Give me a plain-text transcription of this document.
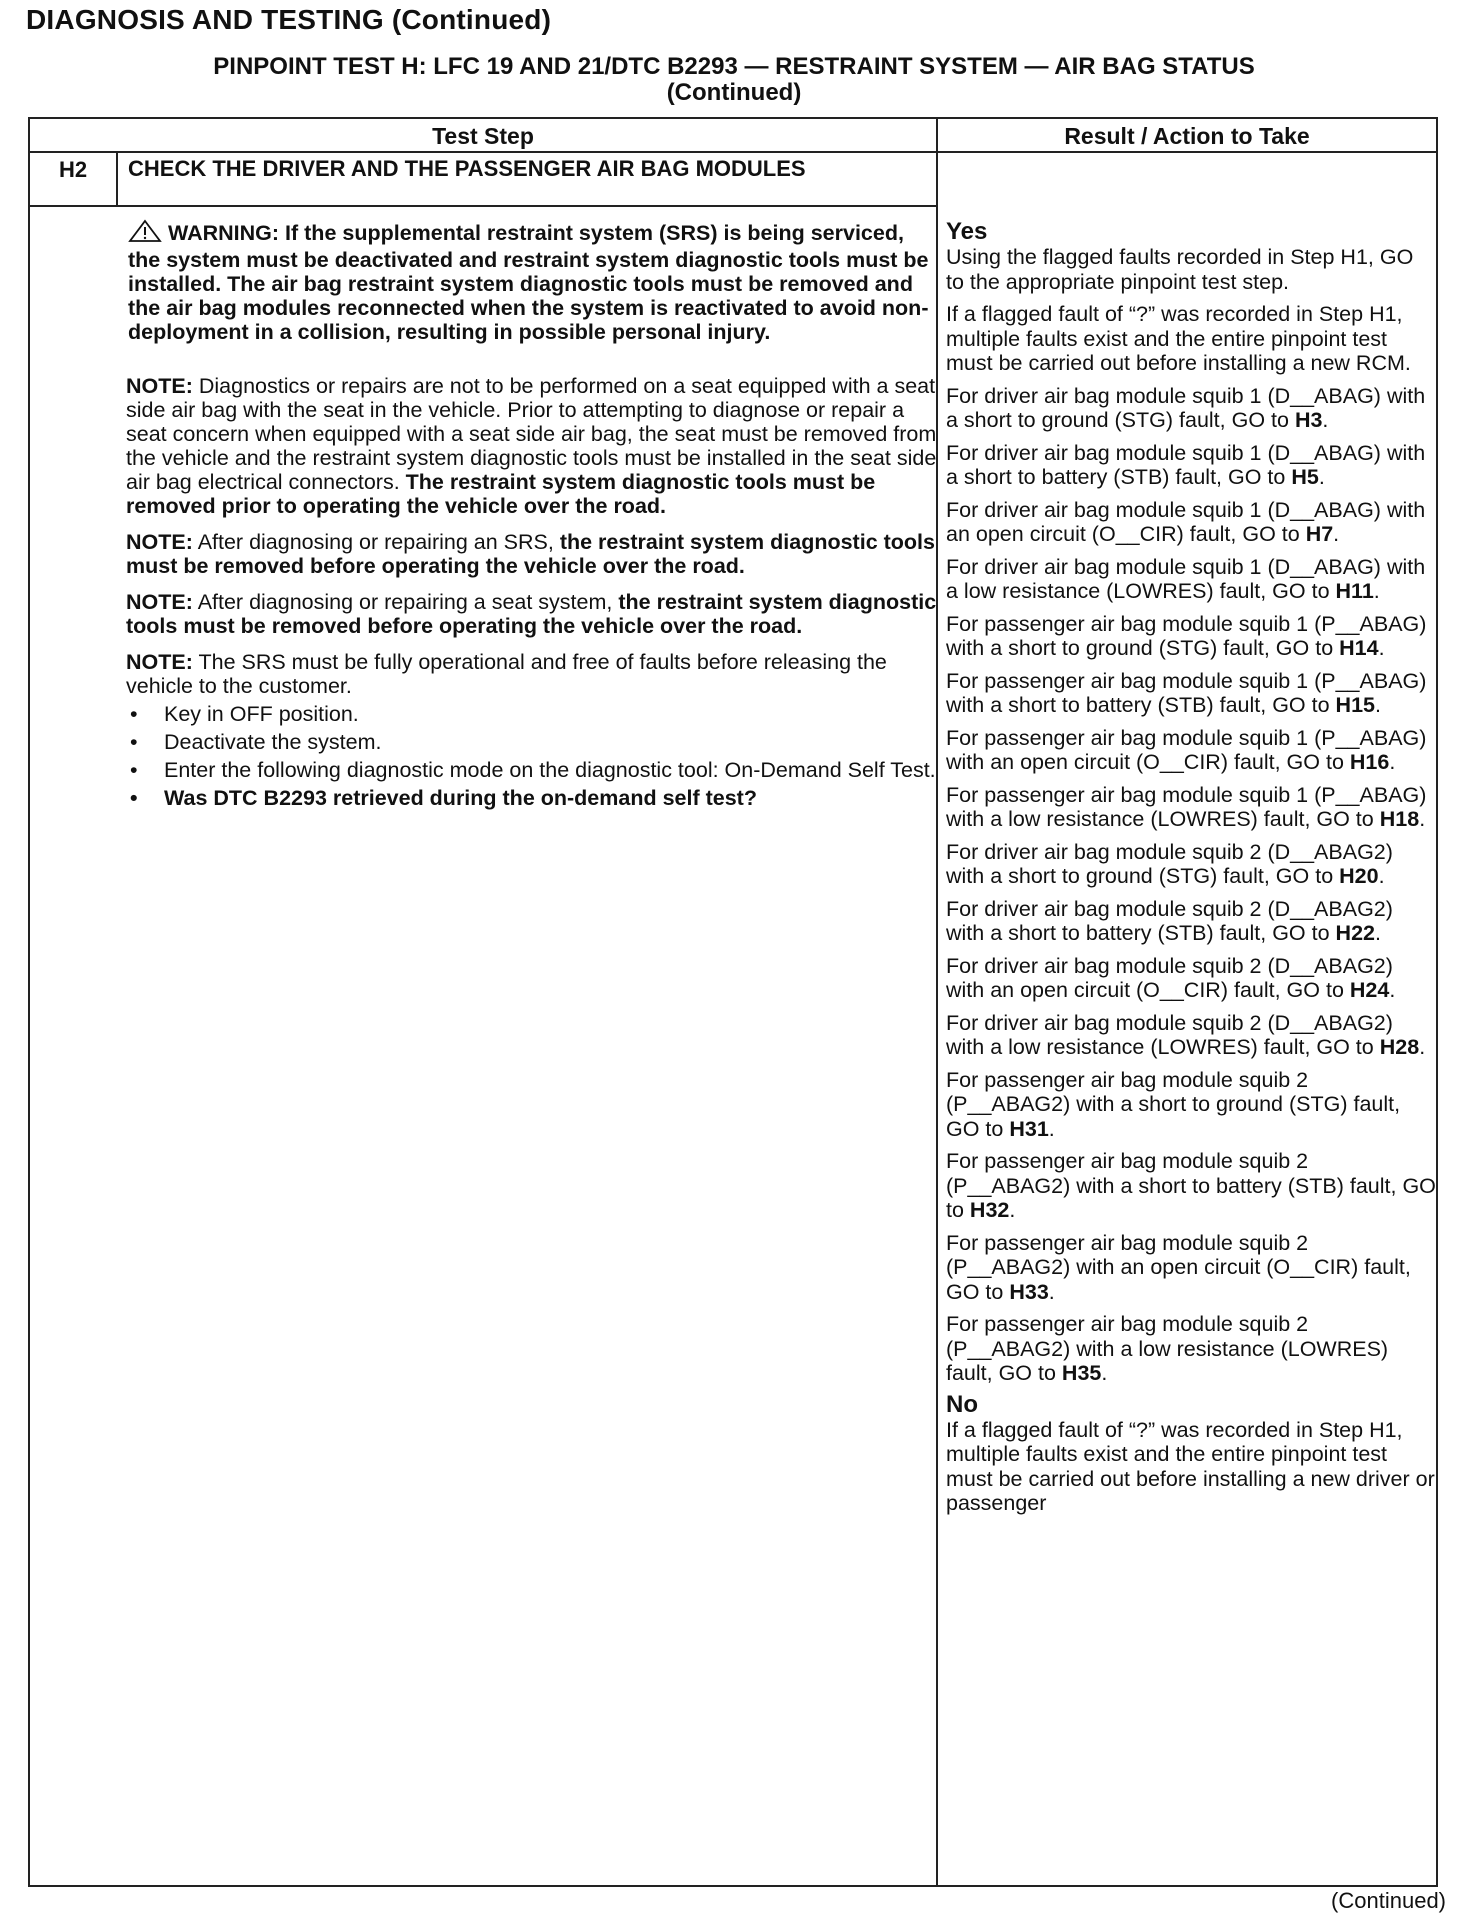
DIAGNOSIS AND TESTING (Continued)
PINPOINT TEST H: LFC 19 AND 21/DTC B2293 — RESTRAINT SYSTEM — AIR BAG STATUS
(Continued)
Test Step	Result / Action to Take
H2	CHECK THE DRIVER AND THE PASSENGER AIR BAG MODULES
WARNING: If the supplemental restraint system (SRS) is being serviced, the system must be deactivated and restraint system diagnostic tools must be installed. The air bag restraint system diagnostic tools must be removed and the air bag modules reconnected when the system is reactivated to avoid non-deployment in a collision, resulting in possible personal injury.
NOTE: Diagnostics or repairs are not to be performed on a seat equipped with a seat side air bag with the seat in the vehicle. Prior to attempting to diagnose or repair a seat concern when equipped with a seat side air bag, the seat must be removed from the vehicle and the restraint system diagnostic tools must be installed in the seat side air bag electrical connectors. The restraint system diagnostic tools must be removed prior to operating the vehicle over the road.
NOTE: After diagnosing or repairing an SRS, the restraint system diagnostic tools must be removed before operating the vehicle over the road.
NOTE: After diagnosing or repairing a seat system, the restraint system diagnostic tools must be removed before operating the vehicle over the road.
NOTE: The SRS must be fully operational and free of faults before releasing the vehicle to the customer.
• Key in OFF position.
• Deactivate the system.
• Enter the following diagnostic mode on the diagnostic tool: On-Demand Self Test.
• Was DTC B2293 retrieved during the on-demand self test?
Yes
Using the flagged faults recorded in Step H1, GO to the appropriate pinpoint test step.
If a flagged fault of “?” was recorded in Step H1, multiple faults exist and the entire pinpoint test must be carried out before installing a new RCM.
For driver air bag module squib 1 (D__ABAG) with a short to ground (STG) fault, GO to H3.
For driver air bag module squib 1 (D__ABAG) with a short to battery (STB) fault, GO to H5.
For driver air bag module squib 1 (D__ABAG) with an open circuit (O__CIR) fault, GO to H7.
For driver air bag module squib 1 (D__ABAG) with a low resistance (LOWRES) fault, GO to H11.
For passenger air bag module squib 1 (P__ABAG) with a short to ground (STG) fault, GO to H14.
For passenger air bag module squib 1 (P__ABAG) with a short to battery (STB) fault, GO to H15.
For passenger air bag module squib 1 (P__ABAG) with an open circuit (O__CIR) fault, GO to H16.
For passenger air bag module squib 1 (P__ABAG) with a low resistance (LOWRES) fault, GO to H18.
For driver air bag module squib 2 (D__ABAG2) with a short to ground (STG) fault, GO to H20.
For driver air bag module squib 2 (D__ABAG2) with a short to battery (STB) fault, GO to H22.
For driver air bag module squib 2 (D__ABAG2) with an open circuit (O__CIR) fault, GO to H24.
For driver air bag module squib 2 (D__ABAG2) with a low resistance (LOWRES) fault, GO to H28.
For passenger air bag module squib 2 (P__ABAG2) with a short to ground (STG) fault, GO to H31.
For passenger air bag module squib 2 (P__ABAG2) with a short to battery (STB) fault, GO to H32.
For passenger air bag module squib 2 (P__ABAG2) with an open circuit (O__CIR) fault, GO to H33.
For passenger air bag module squib 2 (P__ABAG2) with a low resistance (LOWRES) fault, GO to H35.
No
If a flagged fault of “?” was recorded in Step H1, multiple faults exist and the entire pinpoint test must be carried out before installing a new driver or passenger
(Continued)
